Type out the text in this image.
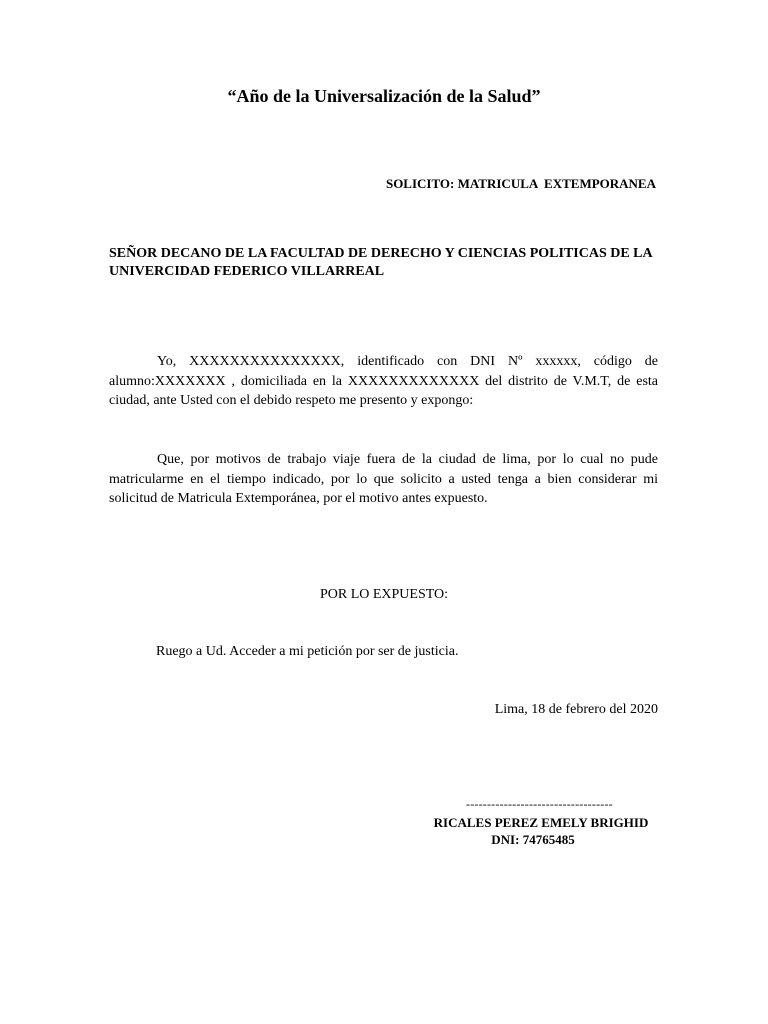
“Año de la Universalización de la Salud”

SOLICITO: MATRICULA  EXTEMPORANEA

SEÑOR DECANO DE LA FACULTAD DE DERECHO Y CIENCIAS POLITICAS DE LA UNIVERCIDAD FEDERICO VILLARREAL

Yo, XXXXXXXXXXXXXXX, identificado con DNI Nº xxxxxx, código de alumno:XXXXXXX , domiciliada en la XXXXXXXXXXXXX del distrito de V.M.T, de esta ciudad, ante Usted con el debido respeto me presento y expongo:

Que, por motivos de trabajo viaje fuera de la ciudad de lima, por lo cual no pude matricularme en el tiempo indicado, por lo que solicito a usted tenga a bien considerar mi solicitud de Matricula Extemporánea, por el motivo antes expuesto.

POR LO EXPUESTO:

Ruego a Ud. Acceder a mi petición por ser de justicia.

Lima, 18 de febrero del 2020

-----------------------------------

RICALES PEREZ EMELY BRIGHID

DNI: 74765485
